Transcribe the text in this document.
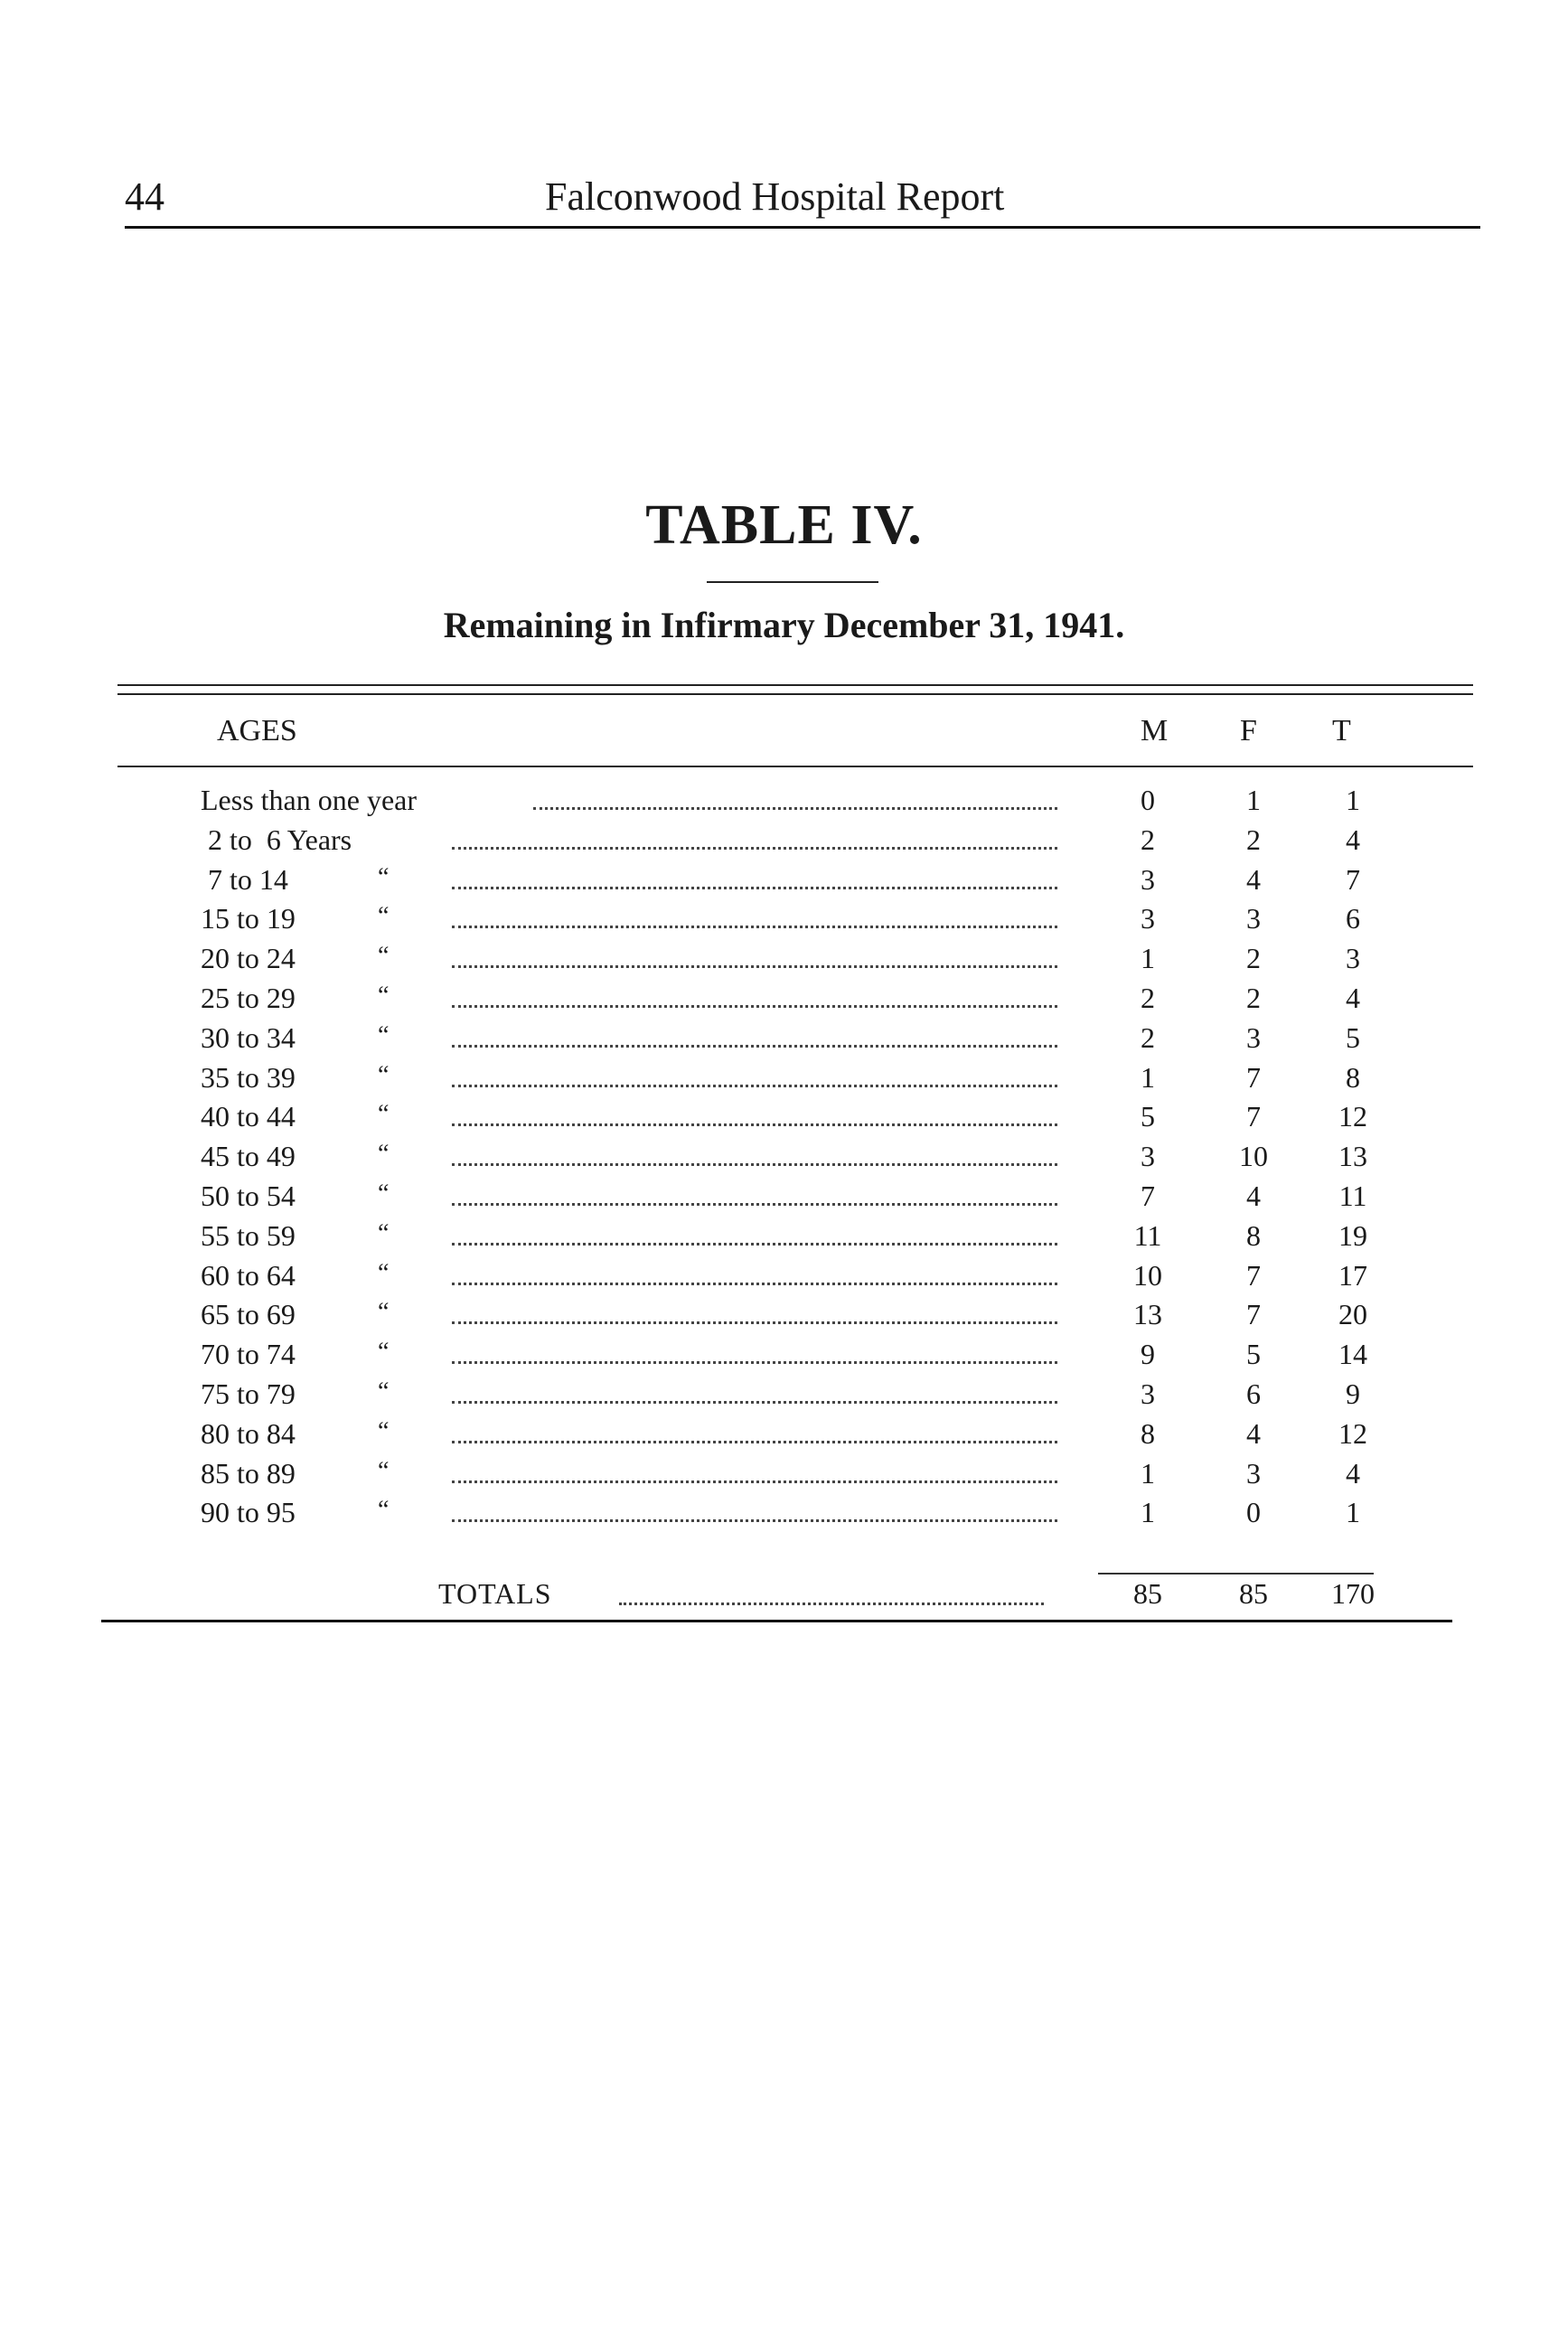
44	Falconwood Hospital Report
TABLE IV.
Remaining in Infirmary December 31, 1941.
AGES	M F T
Less than one year	0	1	1
2 to  6 Years	2	2	4
7 to 14	“	3	4	7
15 to 19	“	3	3	6
20 to 24	“	1	2	3
25 to 29	“	2	2	4
30 to 34	“	2	3	5
35 to 39	“	1	7	8
40 to 44	“	5	7	12
45 to 49	“	3	10	13
50 to 54	“	7	4	11
55 to 59	“	11	8	19
60 to 64	“	10	7	17
65 to 69	“	13	7	20
70 to 74	“	9	5	14
75 to 79	“	3	6	9
80 to 84	“	8	4	12
85 to 89	“	1	3	4
90 to 95	“	1	0	1
TOTALS	85	85	170
